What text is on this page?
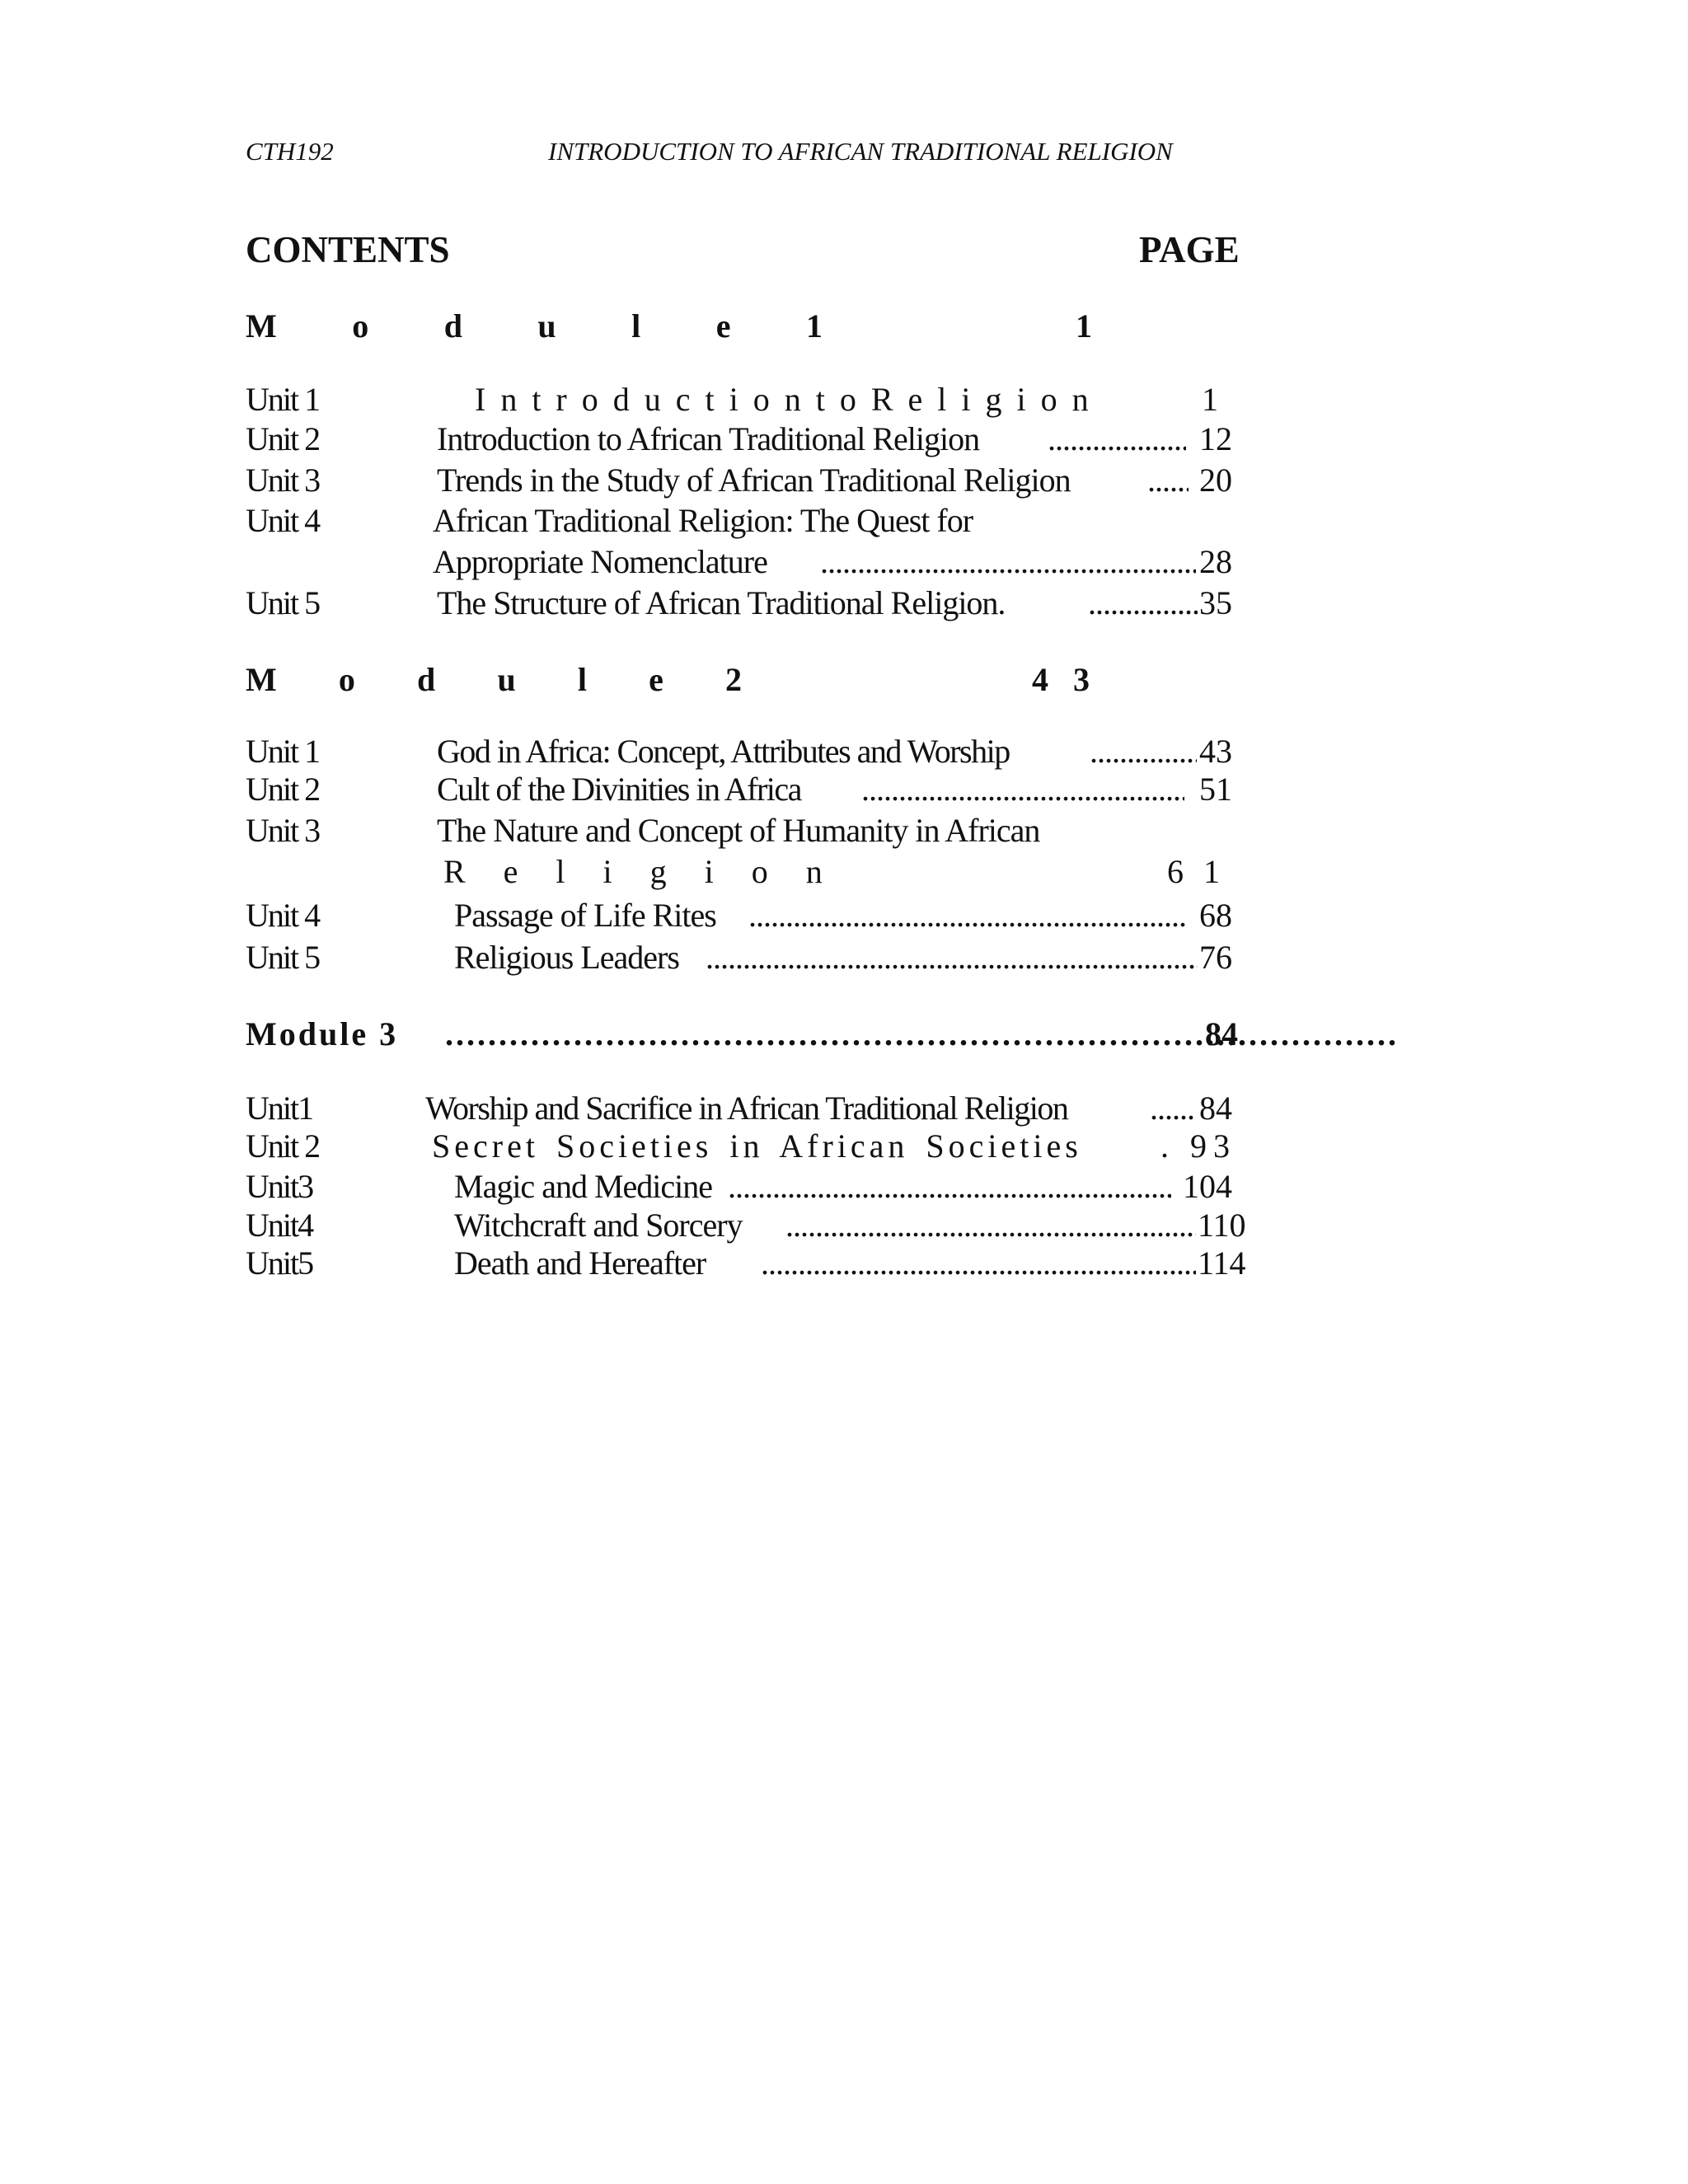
CTH192	INTRODUCTION TO AFRICAN TRADITIONAL RELIGION
CONTENTS	PAGE
M o d u l e 1	1
Unit 1	I n t r o d u c t i o n t o R e l i g i o n	1
Unit 2	Introduction to African Traditional Religion .....	12
Unit 3	Trends in the Study of African Traditional Religion .....	20
Unit 4	African Traditional Religion: The Quest for
Appropriate Nomenclature .....	28
Unit 5	The Structure of African Traditional Religion. .....	35
M o d u l e 2	4 3
Unit 1	God in Africa: Concept, Attributes and Worship .....	43
Unit 2	Cult of the Divinities in Africa .....	51
Unit 3	The Nature and Concept of Humanity in African
R e l i g i o n	6 1
Unit 4	Passage of Life Rites .....	68
Unit 5	Religious Leaders .....	76
Module 3 .....	84
Unit1	Worship and Sacrifice in African Traditional Religion .....	84
Unit 2	Secret Societies in African Societies . 93
Unit3	Magic and Medicine .....	104
Unit4	Witchcraft and Sorcery .....	110
Unit5	Death and Hereafter .....	114
